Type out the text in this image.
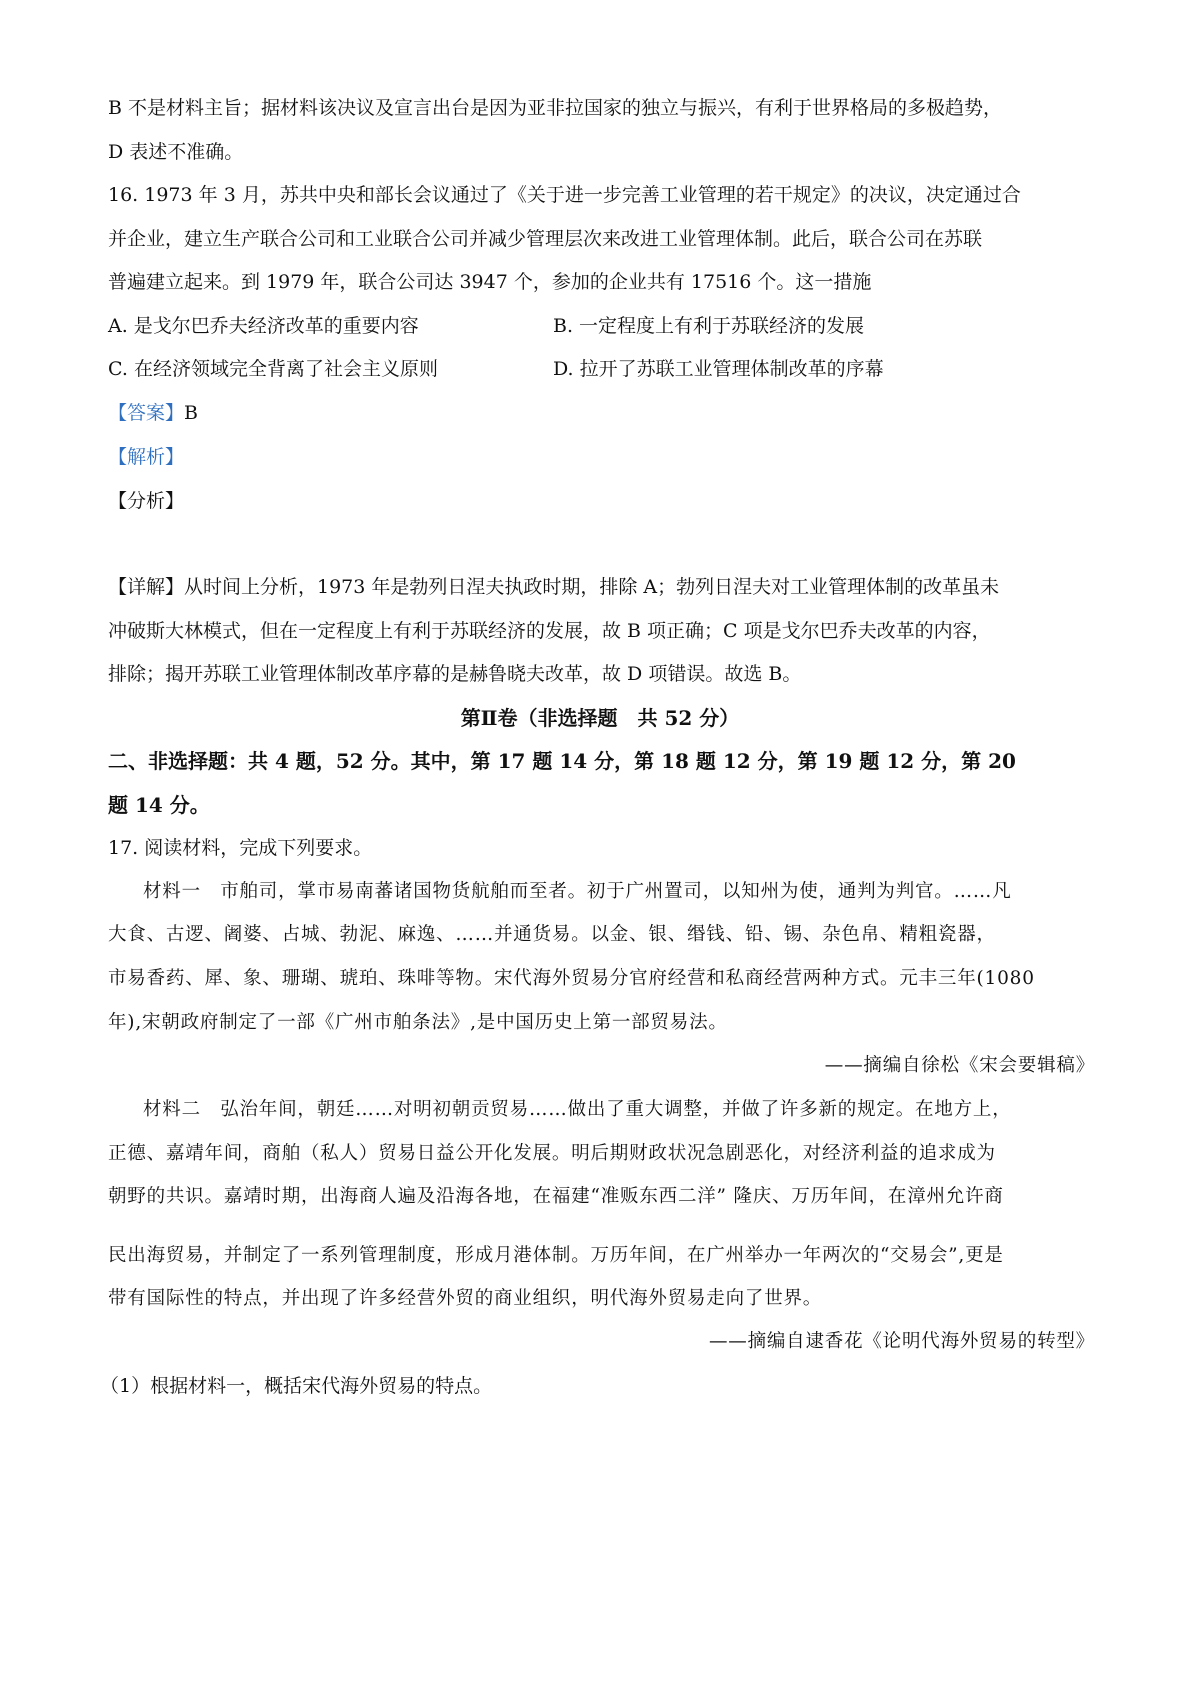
B 不是材料主旨；据材料该决议及宣言出台是因为亚非拉国家的独立与振兴，有利于世界格局的多极趋势，
D 表述不准确。
16. 1973 年 3 月，苏共中央和部长会议通过了《关于进一步完善工业管理的若干规定》的决议，决定通过合
并企业，建立生产联合公司和工业联合公司并减少管理层次来改进工业管理体制。此后，联合公司在苏联
普遍建立起来。到 1979 年，联合公司达 3947 个，参加的企业共有 17516 个。这一措施
A. 是戈尔巴乔夫经济改革的重要内容	B. 一定程度上有利于苏联经济的发展
C. 在经济领域完全背离了社会主义原则	D. 拉开了苏联工业管理体制改革的序幕
【答案】B
【解析】
【分析】
【详解】从时间上分析，1973 年是勃列日涅夫执政时期，排除 A；勃列日涅夫对工业管理体制的改革虽未
冲破斯大林模式，但在一定程度上有利于苏联经济的发展，故 B 项正确；C 项是戈尔巴乔夫改革的内容，
排除；揭开苏联工业管理体制改革序幕的是赫鲁晓夫改革，故 D 项错误。故选 B。
第Ⅱ卷（非选择题　共 52 分）
二、非选择题：共 4 题，52 分。其中，第 17 题 14 分，第 18 题 12 分，第 19 题 12 分，第 20
题 14 分。
17. 阅读材料，完成下列要求。
材料一　市舶司，掌市易南蕃诸国物货航舶而至者。初于广州置司，以知州为使，通判为判官。……凡
大食、古逻、阇婆、占城、勃泥、麻逸、……并通货易。以金、银、缗钱、铅、锡、杂色帛、精粗瓷器，
市易香药、犀、象、珊瑚、琥珀、珠啡等物。宋代海外贸易分官府经营和私商经营两种方式。元丰三年(1080
年),宋朝政府制定了一部《广州市舶条法》,是中国历史上第一部贸易法。
——摘编自徐松《宋会要辑稿》
材料二　弘治年间，朝廷……对明初朝贡贸易……做出了重大调整，并做了许多新的规定。在地方上，
正德、嘉靖年间，商舶（私人）贸易日益公开化发展。明后期财政状况急剧恶化，对经济利益的追求成为
朝野的共识。嘉靖时期，出海商人遍及沿海各地，在福建“准贩东西二洋” 隆庆、万历年间，在漳州允许商
民出海贸易，并制定了一系列管理制度，形成月港体制。万历年间，在广州举办一年两次的“交易会”,更是
带有国际性的特点，并出现了许多经营外贸的商业组织，明代海外贸易走向了世界。
——摘编自逮香花《论明代海外贸易的转型》
（1）根据材料一，概括宋代海外贸易的特点。
